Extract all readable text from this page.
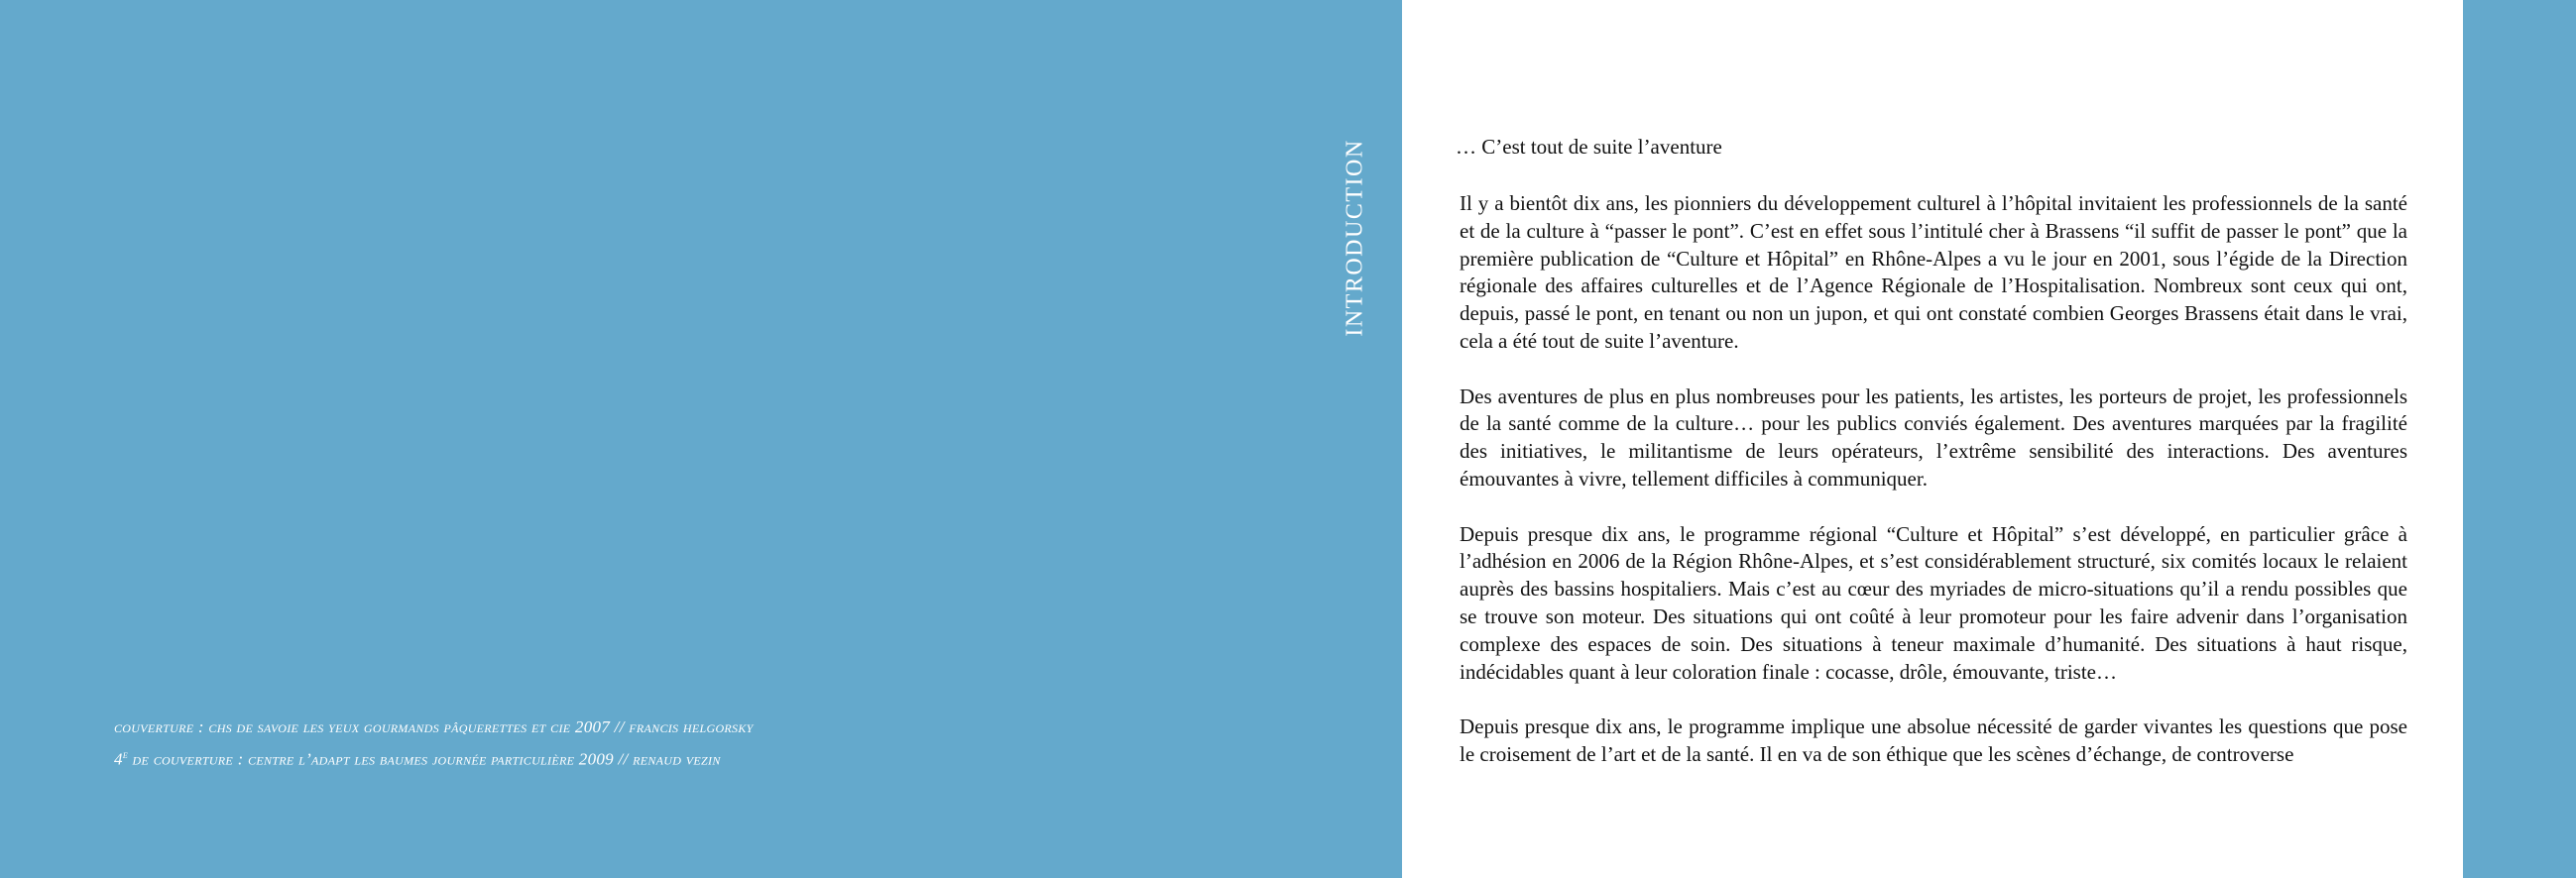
couverture : chs de savoie les yeux gourmands pâquerettes et cie 2007 // francis helgorsky
4e de couverture : centre l’adapt les baumes journée particulière 2009 // renaud vezin
INTRODUCTION	… C’est tout de suite l’aventure

Il y a bientôt dix ans, les pionniers du développement culturel à l’hôpital invitaient les professionnels de la santé et de la culture à “passer le pont”. C’est en effet sous l’intitulé cher à Brassens “il suffit de passer le pont” que la première publication de “Culture et Hôpital” en Rhône-Alpes a vu le jour en 2001, sous l’égide de la Direction régionale des affaires culturelles et de l’Agence Régionale de l’Hospitalisation. Nombreux sont ceux qui ont, depuis, passé le pont, en tenant ou non un jupon, et qui ont constaté combien Georges Brassens était dans le vrai, cela a été tout de suite l’aventure.

Des aventures de plus en plus nombreuses pour les patients, les artistes, les porteurs de projet, les professionnels de la santé comme de la culture… pour les publics conviés également. Des aventures marquées par la fragilité des initiatives, le militantisme de leurs opérateurs, l’extrême sensibilité des interactions. Des aventures émouvantes à vivre, tellement difficiles à communiquer.

Depuis presque dix ans, le programme régional “Culture et Hôpital” s’est développé, en particulier grâce à l’adhésion en 2006 de la Région Rhône-Alpes, et s’est considérablement structuré, six comités locaux le relaient auprès des bassins hospitaliers. Mais c’est au cœur des myriades de micro-situations qu’il a rendu possibles que se trouve son moteur. Des situations qui ont coûté à leur promoteur pour les faire advenir dans l’organisation complexe des espaces de soin. Des situations à teneur maximale d’humanité. Des situations à haut risque, indécidables quant à leur coloration finale : cocasse, drôle, émouvante, triste…

Depuis presque dix ans, le programme implique une absolue nécessité de garder vivantes les questions que pose le croisement de l’art et de la santé. Il en va de son éthique que les scènes d’échange, de controverse
